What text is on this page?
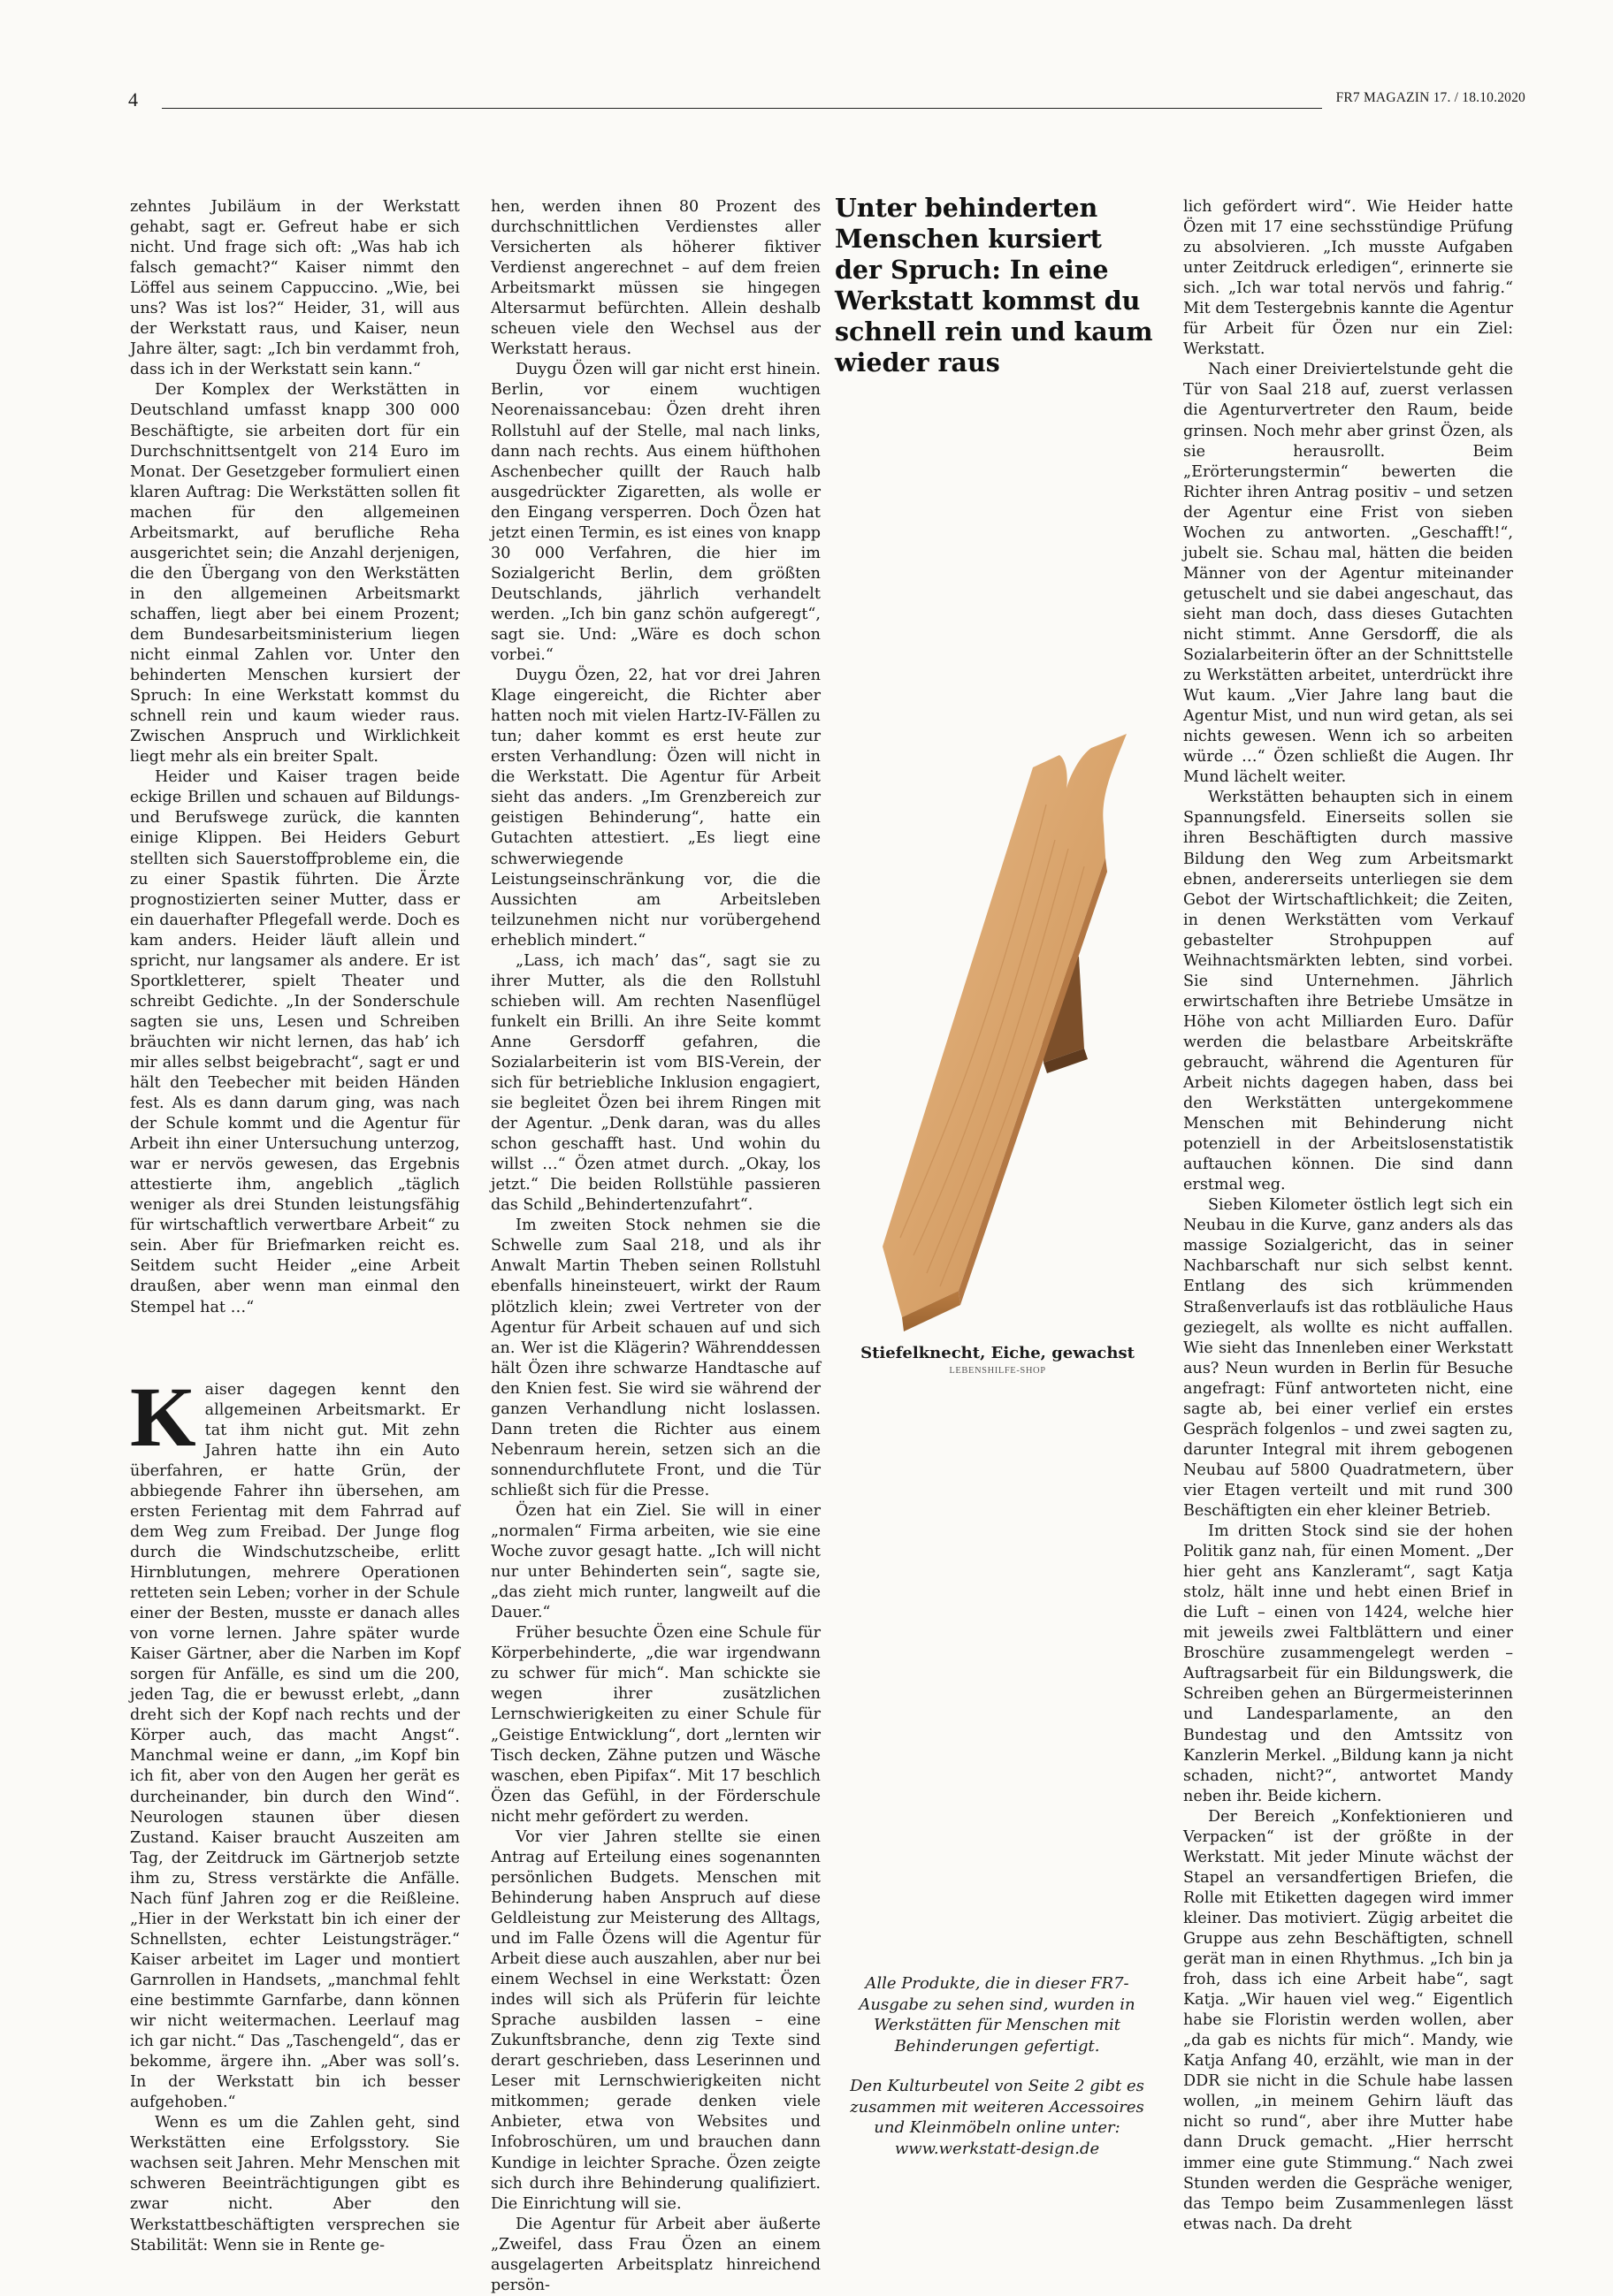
4	FR7 MAGAZIN 17. / 18.10.2020

zehntes Jubiläum in der Werkstatt gehabt, sagt er. Gefreut habe er sich nicht. Und frage sich oft: „Was hab ich falsch gemacht?“ Kaiser nimmt den Löffel aus seinem Cappuccino. „Wie, bei uns? Was ist los?“ Heider, 31, will aus der Werkstatt raus, und Kaiser, neun Jahre älter, sagt: „Ich bin verdammt froh, dass ich in der Werkstatt sein kann.“

Der Komplex der Werkstätten in Deutschland umfasst knapp 300 000 Beschäftigte, sie arbeiten dort für ein Durchschnittsentgelt von 214 Euro im Monat. Der Gesetzgeber formuliert einen klaren Auftrag: Die Werkstätten sollen fit machen für den allgemeinen Arbeitsmarkt, auf berufliche Reha ausgerichtet sein; die Anzahl derjenigen, die den Übergang von den Werkstätten in den allgemeinen Arbeitsmarkt schaffen, liegt aber bei einem Prozent; dem Bundesarbeitsministerium liegen nicht einmal Zahlen vor. Unter den behinderten Menschen kursiert der Spruch: In eine Werkstatt kommst du schnell rein und kaum wieder raus. Zwischen Anspruch und Wirklichkeit liegt mehr als ein breiter Spalt.

Heider und Kaiser tragen beide eckige Brillen und schauen auf Bildungs- und Berufswege zurück, die kannten einige Klippen. Bei Heiders Geburt stellten sich Sauerstoffprobleme ein, die zu einer Spastik führten. Die Ärzte prognostizierten seiner Mutter, dass er ein dauerhafter Pflegefall werde. Doch es kam anders. Heider läuft allein und spricht, nur langsamer als andere. Er ist Sportkletterer, spielt Theater und schreibt Gedichte. „In der Sonderschule sagten sie uns, Lesen und Schreiben bräuchten wir nicht lernen, das hab’ ich mir alles selbst beigebracht“, sagt er und hält den Teebecher mit beiden Händen fest. Als es dann darum ging, was nach der Schule kommt und die Agentur für Arbeit ihn einer Untersuchung unterzog, war er nervös gewesen, das Ergebnis attestierte ihm, angeblich „täglich weniger als drei Stunden leistungsfähig für wirtschaftlich verwertbare Arbeit“ zu sein. Aber für Briefmarken reicht es. Seitdem sucht Heider „eine Arbeit draußen, aber wenn man einmal den Stempel hat …“

Kaiser dagegen kennt den allgemeinen Arbeitsmarkt. Er tat ihm nicht gut. Mit zehn Jahren hatte ihn ein Auto überfahren, er hatte Grün, der abbiegende Fahrer ihn übersehen, am ersten Ferientag mit dem Fahrrad auf dem Weg zum Freibad. Der Junge flog durch die Windschutzscheibe, erlitt Hirnblutungen, mehrere Operationen retteten sein Leben; vorher in der Schule einer der Besten, musste er danach alles von vorne lernen. Jahre später wurde Kaiser Gärtner, aber die Narben im Kopf sorgen für Anfälle, es sind um die 200, jeden Tag, die er bewusst erlebt, „dann dreht sich der Kopf nach rechts und der Körper auch, das macht Angst“. Manchmal weine er dann, „im Kopf bin ich fit, aber von den Augen her gerät es durcheinander, bin durch den Wind“. Neurologen staunen über diesen Zustand. Kaiser braucht Auszeiten am Tag, der Zeitdruck im Gärtnerjob setzte ihm zu, Stress verstärkte die Anfälle. Nach fünf Jahren zog er die Reißleine. „Hier in der Werkstatt bin ich einer der Schnellsten, echter Leistungsträger.“ Kaiser arbeitet im Lager und montiert Garnrollen in Handsets, „manchmal fehlt eine bestimmte Garnfarbe, dann können wir nicht weitermachen. Leerlauf mag ich gar nicht.“ Das „Taschengeld“, das er bekomme, ärgere ihn. „Aber was soll’s. In der Werkstatt bin ich besser aufgehoben.“

Wenn es um die Zahlen geht, sind Werkstätten eine Erfolgsstory. Sie wachsen seit Jahren. Mehr Menschen mit schweren Beeinträchtigungen gibt es zwar nicht. Aber den Werkstattbeschäftigten versprechen sie Stabilität: Wenn sie in Rente ge-

hen, werden ihnen 80 Prozent des durchschnittlichen Verdienstes aller Versicherten als höherer fiktiver Verdienst angerechnet – auf dem freien Arbeitsmarkt müssen sie hingegen Altersarmut befürchten. Allein deshalb scheuen viele den Wechsel aus der Werkstatt heraus.

Duygu Özen will gar nicht erst hinein. Berlin, vor einem wuchtigen Neorenaissancebau: Özen dreht ihren Rollstuhl auf der Stelle, mal nach links, dann nach rechts. Aus einem hüfthohen Aschenbecher quillt der Rauch halb ausgedrückter Zigaretten, als wolle er den Eingang versperren. Doch Özen hat jetzt einen Termin, es ist eines von knapp 30 000 Verfahren, die hier im Sozialgericht Berlin, dem größten Deutschlands, jährlich verhandelt werden. „Ich bin ganz schön aufgeregt“, sagt sie. Und: „Wäre es doch schon vorbei.“

Duygu Özen, 22, hat vor drei Jahren Klage eingereicht, die Richter aber hatten noch mit vielen Hartz-IV-Fällen zu tun; daher kommt es erst heute zur ersten Verhandlung: Özen will nicht in die Werkstatt. Die Agentur für Arbeit sieht das anders. „Im Grenzbereich zur geistigen Behinderung“, hatte ein Gutachten attestiert. „Es liegt eine schwerwiegende Leistungseinschränkung vor, die die Aussichten am Arbeitsleben teilzunehmen nicht nur vorübergehend erheblich mindert.“

„Lass, ich mach’ das“, sagt sie zu ihrer Mutter, als die den Rollstuhl schieben will. Am rechten Nasenflügel funkelt ein Brilli. An ihre Seite kommt Anne Gersdorff gefahren, die Sozialarbeiterin ist vom BIS-Verein, der sich für betriebliche Inklusion engagiert, sie begleitet Özen bei ihrem Ringen mit der Agentur. „Denk daran, was du alles schon geschafft hast. Und wohin du willst …“ Özen atmet durch. „Okay, los jetzt.“ Die beiden Rollstühle passieren das Schild „Behindertenzufahrt“.

Im zweiten Stock nehmen sie die Schwelle zum Saal 218, und als ihr Anwalt Martin Theben seinen Rollstuhl ebenfalls hineinsteuert, wirkt der Raum plötzlich klein; zwei Vertreter von der Agentur für Arbeit schauen auf und sich an. Wer ist die Klägerin? Währenddessen hält Özen ihre schwarze Handtasche auf den Knien fest. Sie wird sie während der ganzen Verhandlung nicht loslassen. Dann treten die Richter aus einem Nebenraum herein, setzen sich an die sonnendurchflutete Front, und die Tür schließt sich für die Presse.

Özen hat ein Ziel. Sie will in einer „normalen“ Firma arbeiten, wie sie eine Woche zuvor gesagt hatte. „Ich will nicht nur unter Behinderten sein“, sagte sie, „das zieht mich runter, langweilt auf die Dauer.“

Früher besuchte Özen eine Schule für Körperbehinderte, „die war irgendwann zu schwer für mich“. Man schickte sie wegen ihrer zusätzlichen Lernschwierigkeiten zu einer Schule für „Geistige Entwicklung“, dort „lernten wir Tisch decken, Zähne putzen und Wäsche waschen, eben Pipifax“. Mit 17 beschlich Özen das Gefühl, in der Förderschule nicht mehr gefördert zu werden.

Vor vier Jahren stellte sie einen Antrag auf Erteilung eines sogenannten persönlichen Budgets. Menschen mit Behinderung haben Anspruch auf diese Geldleistung zur Meisterung des Alltags, und im Falle Özens will die Agentur für Arbeit diese auch auszahlen, aber nur bei einem Wechsel in eine Werkstatt: Özen indes will sich als Prüferin für leichte Sprache ausbilden lassen – eine Zukunftsbranche, denn zig Texte sind derart geschrieben, dass Leserinnen und Leser mit Lernschwierigkeiten nicht mitkommen; gerade denken viele Anbieter, etwa von Websites und Infobroschüren, um und brauchen dann Kundige in leichter Sprache. Özen zeigte sich durch ihre Behinderung qualifiziert. Die Einrichtung will sie.

Die Agentur für Arbeit aber äußerte „Zweifel, dass Frau Özen an einem ausgelagerten Arbeitsplatz hinreichend persön-

Unter behinderten Menschen kursiert der Spruch: In eine Werkstatt kommst du schnell rein und kaum wieder raus
Stiefelknecht, Eiche, gewachst
LEBENSHILFE-SHOP

Alle Produkte, die in dieser FR7-Ausgabe zu sehen sind, wurden in Werkstätten für Menschen mit Behinderungen gefertigt.

Den Kulturbeutel von Seite 2 gibt es zusammen mit weiteren Accessoires und Kleinmöbeln online unter: www.werkstatt-design.de

lich gefördert wird“. Wie Heider hatte Özen mit 17 eine sechsstündige Prüfung zu absolvieren. „Ich musste Aufgaben unter Zeitdruck erledigen“, erinnerte sie sich. „Ich war total nervös und fahrig.“ Mit dem Testergebnis kannte die Agentur für Arbeit für Özen nur ein Ziel: Werkstatt.

Nach einer Dreiviertelstunde geht die Tür von Saal 218 auf, zuerst verlassen die Agenturvertreter den Raum, beide grinsen. Noch mehr aber grinst Özen, als sie herausrollt. Beim „Erörterungstermin“ bewerten die Richter ihren Antrag positiv – und setzen der Agentur eine Frist von sieben Wochen zu antworten. „Geschafft!“, jubelt sie. Schau mal, hätten die beiden Männer von der Agentur miteinander getuschelt und sie dabei angeschaut, das sieht man doch, dass dieses Gutachten nicht stimmt. Anne Gersdorff, die als Sozialarbeiterin öfter an der Schnittstelle zu Werkstätten arbeitet, unterdrückt ihre Wut kaum. „Vier Jahre lang baut die Agentur Mist, und nun wird getan, als sei nichts gewesen. Wenn ich so arbeiten würde …“ Özen schließt die Augen. Ihr Mund lächelt weiter.

Werkstätten behaupten sich in einem Spannungsfeld. Einerseits sollen sie ihren Beschäftigten durch massive Bildung den Weg zum Arbeitsmarkt ebnen, andererseits unterliegen sie dem Gebot der Wirtschaftlichkeit; die Zeiten, in denen Werkstätten vom Verkauf gebastelter Strohpuppen auf Weihnachtsmärkten lebten, sind vorbei. Sie sind Unternehmen. Jährlich erwirtschaften ihre Betriebe Umsätze in Höhe von acht Milliarden Euro. Dafür werden die belastbare Arbeitskräfte gebraucht, während die Agenturen für Arbeit nichts dagegen haben, dass bei den Werkstätten untergekommene Menschen mit Behinderung nicht potenziell in der Arbeitslosenstatistik auftauchen können. Die sind dann erstmal weg.

Sieben Kilometer östlich legt sich ein Neubau in die Kurve, ganz anders als das massige Sozialgericht, das in seiner Nachbarschaft nur sich selbst kennt. Entlang des sich krümmenden Straßenverlaufs ist das rotbläuliche Haus geziegelt, als wollte es nicht auffallen. Wie sieht das Innenleben einer Werkstatt aus? Neun wurden in Berlin für Besuche angefragt: Fünf antworteten nicht, eine sagte ab, bei einer verlief ein erstes Gespräch folgenlos – und zwei sagten zu, darunter Integral mit ihrem gebogenen Neubau auf 5800 Quadratmetern, über vier Etagen verteilt und mit rund 300 Beschäftigten ein eher kleiner Betrieb.

Im dritten Stock sind sie der hohen Politik ganz nah, für einen Moment. „Der hier geht ans Kanzleramt“, sagt Katja stolz, hält inne und hebt einen Brief in die Luft – einen von 1424, welche hier mit jeweils zwei Faltblättern und einer Broschüre zusammengelegt werden – Auftragsarbeit für ein Bildungswerk, die Schreiben gehen an Bürgermeisterinnen und Landesparlamente, an den Bundestag und den Amtssitz von Kanzlerin Merkel. „Bildung kann ja nicht schaden, nicht?“, antwortet Mandy neben ihr. Beide kichern.

Der Bereich „Konfektionieren und Verpacken“ ist der größte in der Werkstatt. Mit jeder Minute wächst der Stapel an versandfertigen Briefen, die Rolle mit Etiketten dagegen wird immer kleiner. Das motiviert. Zügig arbeitet die Gruppe aus zehn Beschäftigten, schnell gerät man in einen Rhythmus. „Ich bin ja froh, dass ich eine Arbeit habe“, sagt Katja. „Wir hauen viel weg.“ Eigentlich habe sie Floristin werden wollen, aber „da gab es nichts für mich“. Mandy, wie Katja Anfang 40, erzählt, wie man in der DDR sie nicht in die Schule habe lassen wollen, „in meinem Gehirn läuft das nicht so rund“, aber ihre Mutter habe dann Druck gemacht. „Hier herrscht immer eine gute Stimmung.“ Nach zwei Stunden werden die Gespräche weniger, das Tempo beim Zusammenlegen lässt etwas nach. Da dreht
